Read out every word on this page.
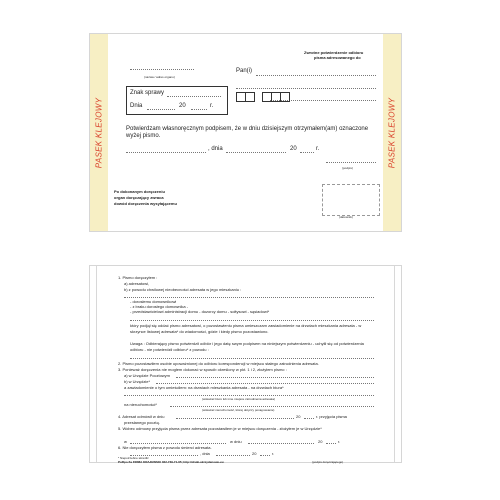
PASEK KLEJOWY	PASEK KLEJOWY
(nazwa / adres organu)
Zwrotne potwierdzenie odbioru
pisma adresowanego do
Pan(i)
Znak sprawy
Dnia	20	r.
Potwierdzam własnoręcznym podpisem, że w dniu dzisiejszym otrzymałem(am) oznaczone wyżej pismo.
, dnia	20	r.
(podpis)
Po dokonanym doręczeniu
organ doręczający zwraca
dowód doręczenia wysyłającemu
(datownik)
1. Pismo doręczyłem :
a) adresatowi,
b) z powodu chwilowej nieobecności adresata w jego mieszkaniu :
- dorosłemu domownikowi
- z braku dorosłego domownika -
- przedstawicielowi administracji domu - dozorcy domu - sołtysowi - sąsiadowi*
który podjął się oddać pismo adresatowi, o pozostawieniu pisma umieszczam zawiadomienie na drzwiach mieszkania adresata - w skrzynce listowej adresata* do wiadomości, gdzie i kiedy pismo pozostawiono.
Uwaga : Odbierający pismo potwierdził odbiór i jego datę swym podpisem na niniejszym potwierdzeniu - uchylił się od potwierdzenia odbioru - nie potwierdził odbioru* z powodu :
2. Pismo pozostawiłem osobie upoważnionej do odbioru korespondencji w miejscu stałego zatrudnienia adresata.
3. Ponieważ doręczenia nie mogłem dokonać w sposób określony w pkt. 1 i 2, złożyłem pismo :
a) w Urzędzie Pocztowym
b) w Urzędzie*
a zawiadomienie o tym umieściłem: na drzwiach mieszkania adresata - na drzwiach biura*
(wskazać biuro lub inne miejsce zatrudnienia adresata)
na nieruchomości*
(wskazać nieruchomość, której dotyczy postępowanie)
4. Adresat odmówił w dniu	20	r. przyjęcia pisma
przesłanego pocztą.
5. Wobec odmowy przyjęcia pisma przez adresata pozostawiłem je w miejscu doręczenia - złożyłem je w Urzędzie*
w	w dniu	20	r.
6. Nie doręczyłem pisma z powodu śmierci adresata.
, dnia	20	r.
* Niepotrzebne skreślić
PuRpo-5a FIRMA KRAJEWSKI 022-739-71-65; http://druki-ukrzydenowe-eu	(podpis doręczającego)
